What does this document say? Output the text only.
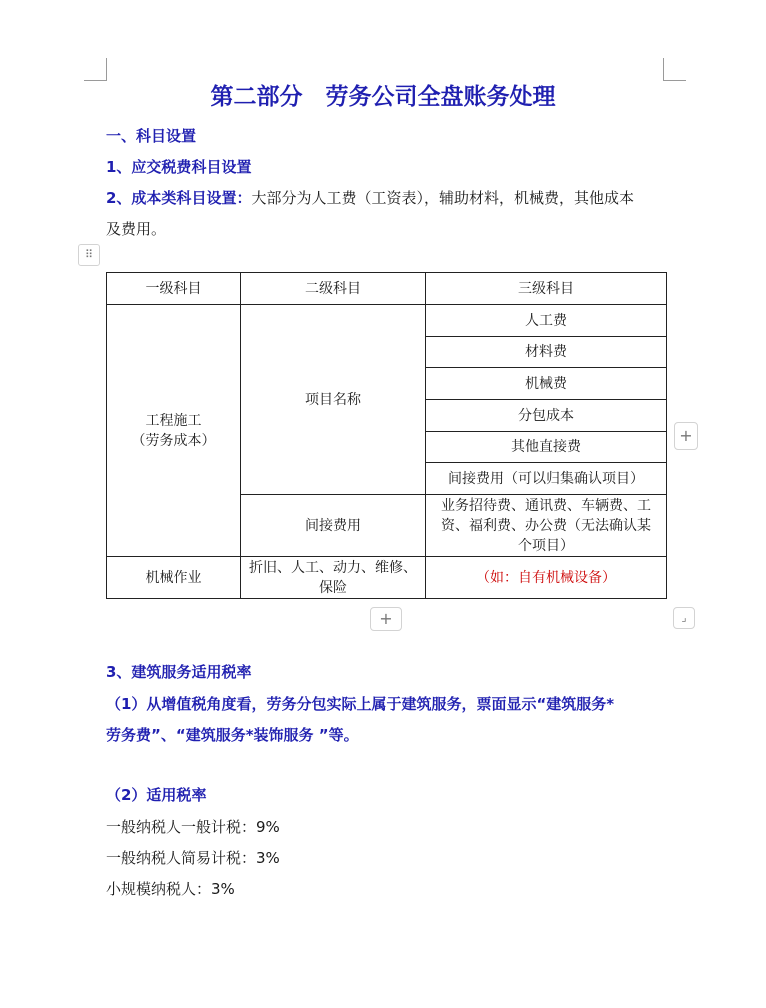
第二部分　劳务公司全盘账务处理
一、科目设置
1、应交税费科目设置
2、成本类科目设置：大部分为人工费（工资表），辅助材料，机械费，其他成本
及费用。
⠿
一级科目	二级科目	三级科目

工程施工
（劳务成本）	项目名称	人工费
		材料费
		机械费
		分包成本
		其他直接费
		间接费用（可以归集确认项目）
	间接费用	业务招待费、通讯费、车辆费、工
资、福利费、办公费（无法确认某
个项目）

机械作业	折旧、人工、动力、维修、
保险	（如：自有机械设备）
+
+	⌟
3、建筑服务适用税率
（1）从增值税角度看，劳务分包实际上属于建筑服务，票面显示“建筑服务*
劳务费”、“建筑服务*装饰服务 ”等。
（2）适用税率
一般纳税人一般计税：9%
一般纳税人简易计税：3%
小规模纳税人：3%
